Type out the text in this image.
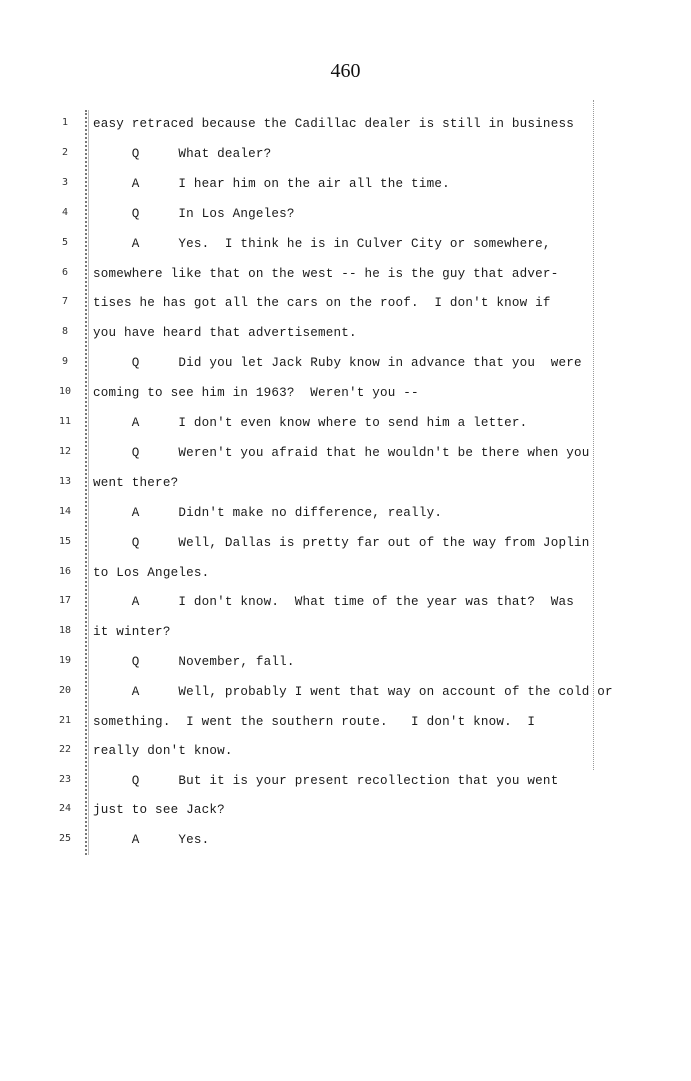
460
1
2
3
4
5
6
7
8
9
10
11
12
13
14
15
16
17
18
19
20
21
22
23
24
25
easy retraced because the Cadillac dealer is still in business
Q     What dealer?
A     I hear him on the air all the time.
Q     In Los Angeles?
A     Yes.  I think he is in Culver City or somewhere,
somewhere like that on the west -- he is the guy that adver-
tises he has got all the cars on the roof.  I don't know if
you have heard that advertisement.
Q     Did you let Jack Ruby know in advance that you  were
coming to see him in 1963?  Weren't you --
A     I don't even know where to send him a letter.
Q     Weren't you afraid that he wouldn't be there when you
went there?
A     Didn't make no difference, really.
Q     Well, Dallas is pretty far out of the way from Joplin
to Los Angeles.
A     I don't know.  What time of the year was that?  Was
it winter?
Q     November, fall.
A     Well, probably I went that way on account of the cold or
something.  I went the southern route.   I don't know.  I
really don't know.
Q     But it is your present recollection that you went
just to see Jack?
A     Yes.
